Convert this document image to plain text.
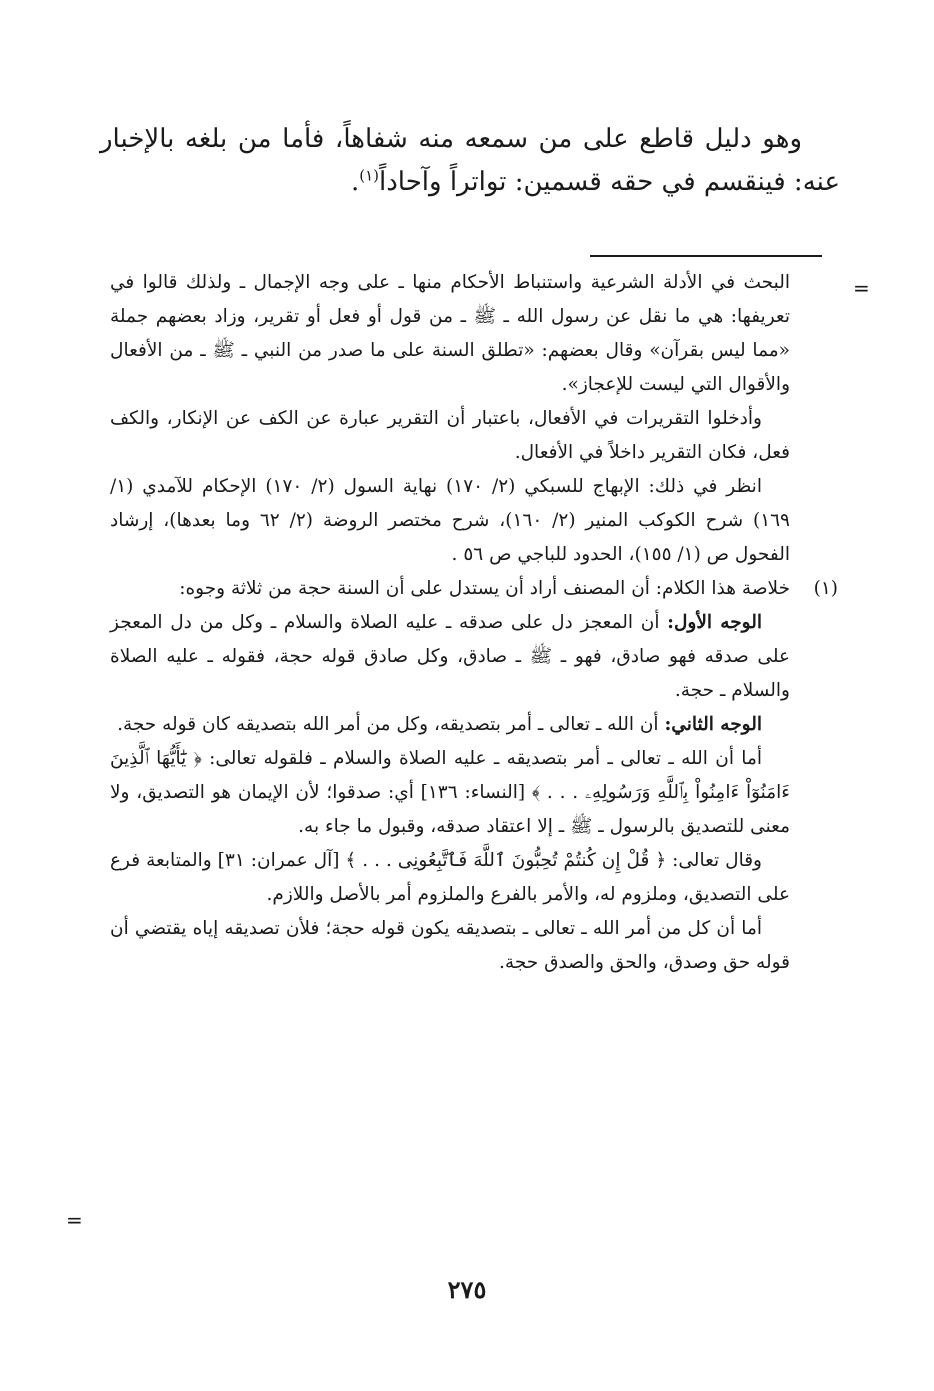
وهو دليل قاطع على من سمعه منه شفاهاً، فأما من بلغه بالإخبار عنه: فينقسم في حقه قسمين: تواتراً وآحاداً$^{(١)}$.

=

البحث في الأدلة الشرعية واستنباط الأحكام منها ـ على وجه الإجمال ـ ولذلك قالوا في تعريفها: هي ما نقل عن رسول الله ـ ﷺ ـ من قول أو فعل أو تقرير، وزاد بعضهم جملة «مما ليس بقرآن» وقال بعضهم: «تطلق السنة على ما صدر من النبي ـ ﷺ ـ من الأفعال والأقوال التي ليست للإعجاز».

وأدخلوا التقريرات في الأفعال، باعتبار أن التقرير عبارة عن الكف عن الإنكار، والكف فعل، فكان التقرير داخلاً في الأفعال.

انظر في ذلك: الإبهاج للسبكي (٢/ ١٧٠) نهاية السول (٢/ ١٧٠) الإحكام للآمدي (١/ ١٦٩) شرح الكوكب المنير (٢/ ١٦٠)، شرح مختصر الروضة (٢/ ٦٢ وما بعدها)، إرشاد الفحول ص (١/ ١٥٥)، الحدود للباجي ص ٥٦ .

(١)

خلاصة هذا الكلام: أن المصنف أراد أن يستدل على أن السنة حجة من ثلاثة وجوه:

الوجه الأول: أن المعجز دل على صدقه ـ عليه الصلاة والسلام ـ وكل من دل المعجز على صدقه فهو صادق، فهو ـ ﷺ ـ صادق، وكل صادق قوله حجة، فقوله ـ عليه الصلاة والسلام ـ حجة.

الوجه الثاني: أن الله ـ تعالى ـ أمر بتصديقه، وكل من أمر الله بتصديقه كان قوله حجة.

أما أن الله ـ تعالى ـ أمر بتصديقه ـ عليه الصلاة والسلام ـ فلقوله تعالى: ﴿ يَٰٓأَيُّهَا ٱلَّذِينَ ءَامَنُوٓاْ ءَامِنُواْ بِٱللَّهِ وَرَسُولِهِۦ . . . ﴾ [النساء: ١٣٦] أي: صدقوا؛ لأن الإيمان هو التصديق، ولا معنى للتصديق بالرسول ـ ﷺ ـ إلا اعتقاد صدقه، وقبول ما جاء به.

وقال تعالى: ﴿ قُلْ إِن كُنتُمْ تُحِبُّونَ ٱللَّهَ فَٱتَّبِعُونِى . . . ﴾ [آل عمران: ٣١] والمتابعة فرع على التصديق، وملزوم له، والأمر بالفرع والملزوم أمر بالأصل واللازم.

أما أن كل من أمر الله ـ تعالى ـ بتصديقه يكون قوله حجة؛ فلأن تصديقه إياه يقتضي أن قوله حق وصدق، والحق والصدق حجة.

=
٢٧٥
